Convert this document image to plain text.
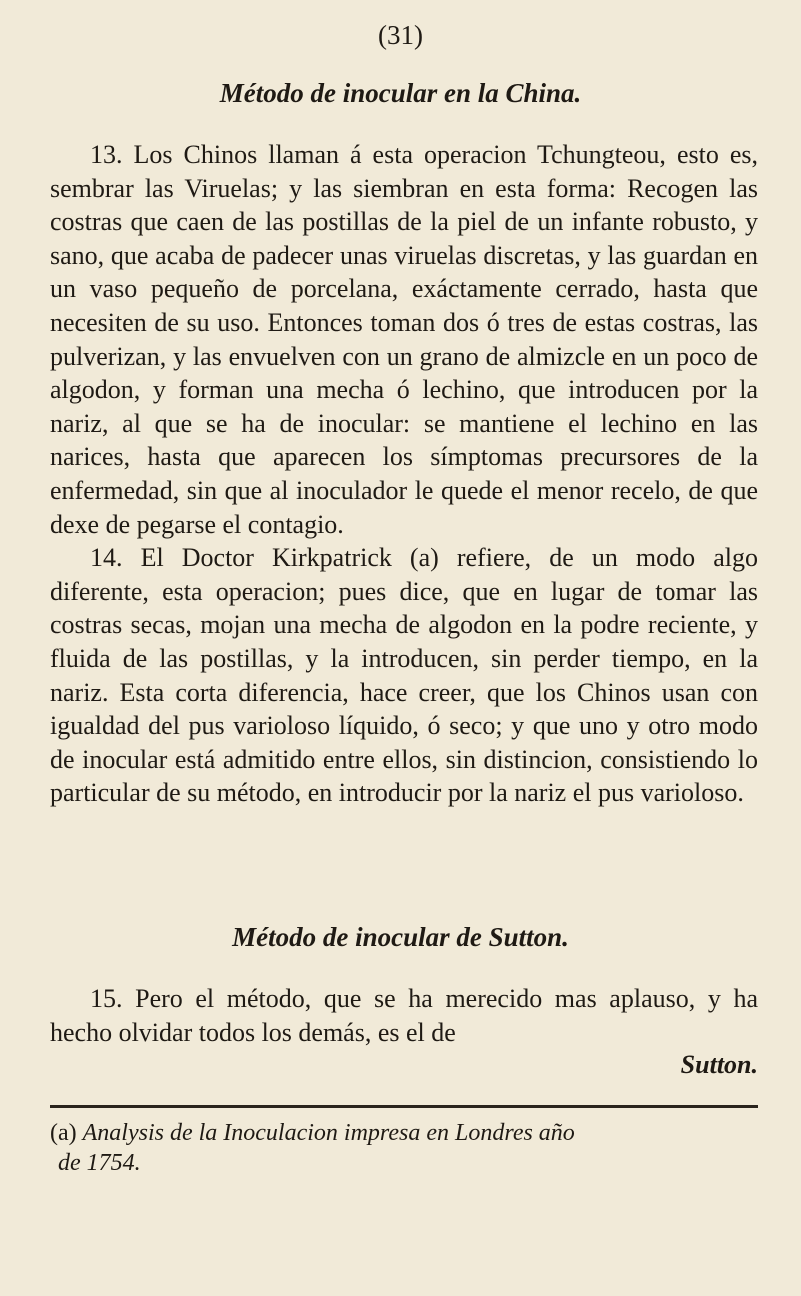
(31)
Método de inocular en la China.

13. Los Chinos llaman á esta operacion Tchungteou, esto es, sembrar las Viruelas; y las siembran en esta forma: Recogen las costras que caen de las postillas de la piel de un infante robusto, y sano, que acaba de padecer unas viruelas discretas, y las guardan en un vaso pequeño de porcelana, exáctamente cerrado, hasta que necesiten de su uso. Entonces toman dos ó tres de estas costras, las pulverizan, y las envuelven con un grano de almizcle en un poco de algodon, y forman una mecha ó lechino, que introducen por la nariz, al que se ha de inocular: se mantiene el lechino en las narices, hasta que aparecen los símptomas precursores de la enfermedad, sin que al inoculador le quede el menor recelo, de que dexe de pegarse el contagio.

14. El Doctor Kirkpatrick (a) refiere, de un modo algo diferente, esta operacion; pues dice, que en lugar de tomar las costras secas, mojan una mecha de algodon en la podre reciente, y fluida de las postillas, y la introducen, sin perder tiempo, en la nariz. Esta corta diferencia, hace creer, que los Chinos usan con igualdad del pus varioloso líquido, ó seco; y que uno y otro modo de inocular está admitido entre ellos, sin distincion, consistiendo lo particular de su método, en introducir por la nariz el pus varioloso.

Método de inocular de Sutton.

15. Pero el método, que se ha merecido mas aplauso, y ha hecho olvidar todos los demás, es el de

Sutton.
(a) Analysis de la Inoculacion impresa en Londres año
de 1754.
